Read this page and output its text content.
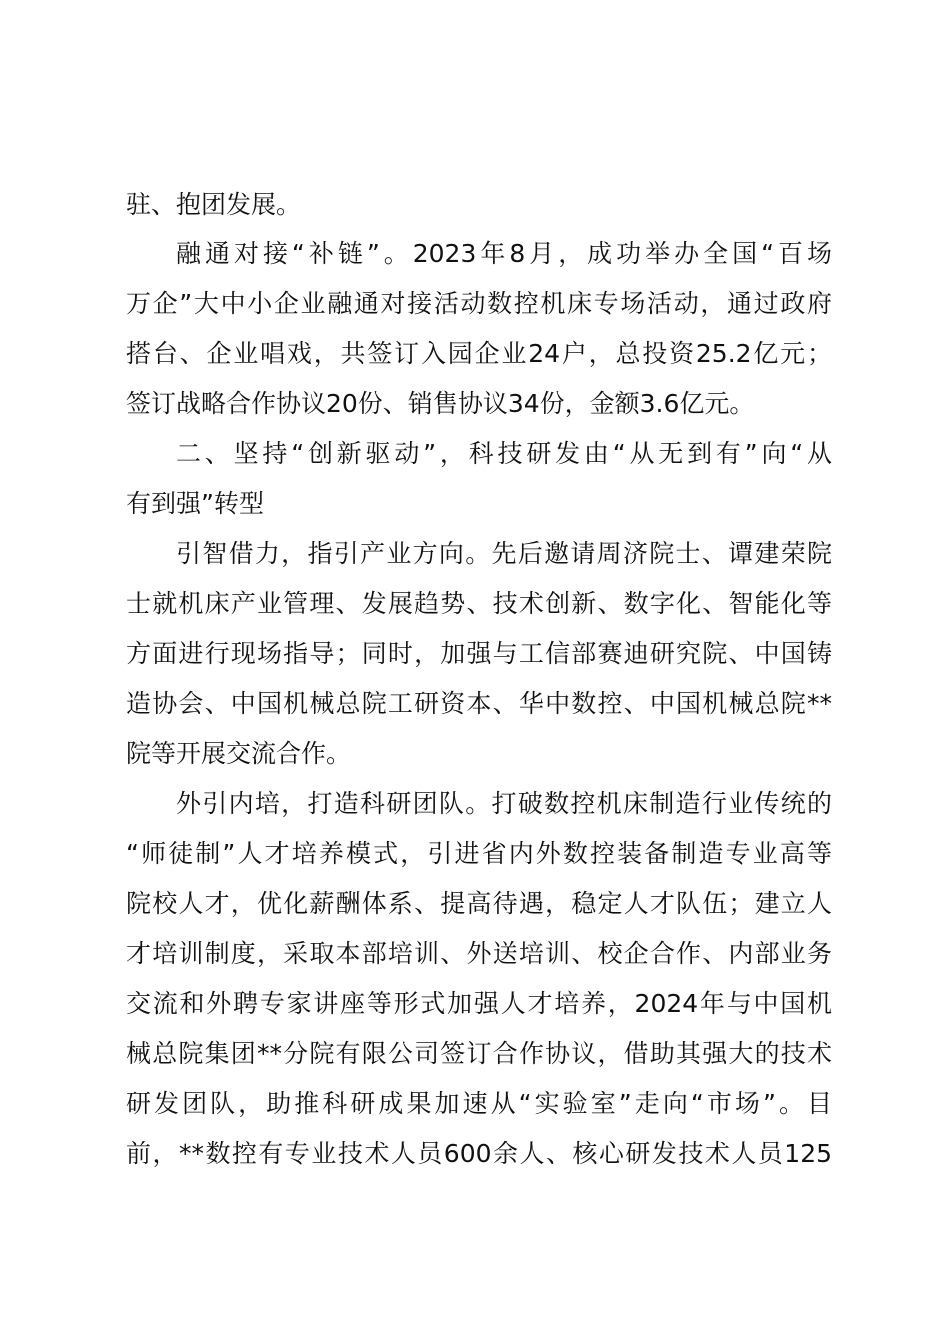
驻、抱团发展。
融通对接“补链”。2023年8月，成功举办全国“百场
万企”大中小企业融通对接活动数控机床专场活动，通过政府
搭台、企业唱戏，共签订入园企业24户，总投资25.2亿元；
签订战略合作协议20份、销售协议34份，金额3.6亿元。
二、坚持“创新驱动”，科技研发由“从无到有”向“从
有到强”转型
引智借力，指引产业方向。先后邀请周济院士、谭建荣院
士就机床产业管理、发展趋势、技术创新、数字化、智能化等
方面进行现场指导；同时，加强与工信部赛迪研究院、中国铸
造协会、中国机械总院工研资本、华中数控、中国机械总院**
院等开展交流合作。
外引内培，打造科研团队。打破数控机床制造行业传统的
“师徒制”人才培养模式，引进省内外数控装备制造专业高等
院校人才，优化薪酬体系、提高待遇，稳定人才队伍；建立人
才培训制度，采取本部培训、外送培训、校企合作、内部业务
交流和外聘专家讲座等形式加强人才培养，2024年与中国机
械总院集团**分院有限公司签订合作协议，借助其强大的技术
研发团队，助推科研成果加速从“实验室”走向“市场”。目
前，**数控有专业技术人员600余人、核心研发技术人员125
